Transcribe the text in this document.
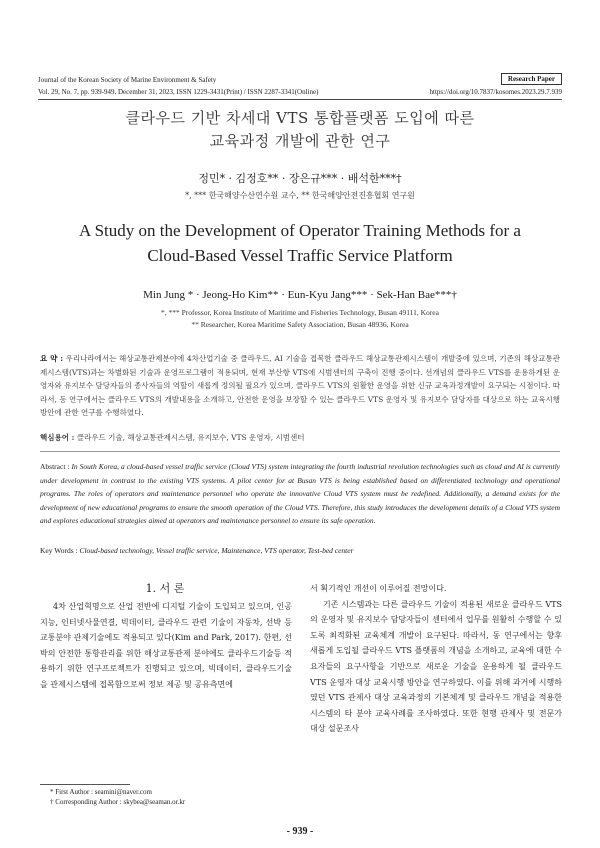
Journal of the Korean Society of Marine Environment & Safety
Vol. 29, No. 7, pp. 939-949, December 31, 2023, ISSN 1229-3431(Print) / ISSN 2287-3341(Online)
Research Paper
https://doi.org/10.7837/kosomes.2023.29.7.939
클라우드 기반 차세대 VTS 통합플랫폼 도입에 따른
교육과정 개발에 관한 연구
정민* · 김정호** · 장은규*** · 배석한***†
*, *** 한국해양수산연수원 교수, ** 한국해양안전진흥협회 연구원
A Study on the Development of Operator Training Methods for a
Cloud-Based Vessel Traffic Service Platform
Min Jung * · Jeong-Ho Kim** · Eun-Kyu Jang*** · Sek-Han Bae***†
*, *** Professor, Korea Institute of Maritime and Fisheries Technology, Busan 49111, Korea
** Researcher, Korea Maritime Safety Association, Busan 48936, Korea
요 약 : 우리나라에서는 해상교통관제분야에 4차산업기술 중 클라우드, AI 기술을 접목한 클라우드 해상교통관제시스템이 개발중에 있으며, 기존의 해상교통관제시스템(VTS)과는 차별화된 기술과 운영프로그램이 적용되며, 현재 부산항 VTS에 시범센터의 구축이 진행 중이다. 선개념의 클라우드 VTS를 운용하게된 운영자와 유지보수 담당자들의 종사자들의 역할이 새롭게 정의될 필요가 있으며, 클라우드 VTS의 원활한 운영을 위한 신규 교육과정개발이 요구되는 시점이다. 따라서, 동 연구에서는 클라우드 VTS의 개발내용을 소개하고, 안전한 운영을 보장할 수 있는 클라우드 VTS 운영자 및 유지보수 담당자를 대상으로 하는 교육시행 방안에 관한 연구를 수행하였다.
핵심용어 : 클라우드 기술, 해상교통관제시스템, 유지보수, VTS 운영자, 시범센터
Abstract : In South Korea, a cloud-based vessel traffic service (Cloud VTS) system integrating the fourth industrial revolution technologies such as cloud and AI is currently under development in contrast to the existing VTS systems. A pilot center for at Busan VTS is being established based on differentiated technology and operational programs. The roles of operators and maintenance personnel who operate the innovative Cloud VTS system must be redefined. Additionally, a demand exists for the development of new educational programs to ensure the smooth operation of the Cloud VTS. Therefore, this study introduces the development details of a Cloud VTS system and explores educational strategies aimed at operators and maintenance personnel to ensure its safe operation.
Key Words : Cloud-based technology, Vessel traffic service, Maintenance, VTS operator, Test-bed center
1. 서 론
4차 산업혁명으로 산업 전반에 디지털 기술이 도입되고 있으며, 인공지능, 인터넷사물연결, 빅데이터, 클라우드 관련 기술이 자동차, 선박 등 교통분야 관제기술에도 적용되고 있다(Kim and Park, 2017). 한편, 선박의 안전한 통항관리를 위한 해상교통관제 분야에도 클라우드기술등 적용하기 위한 연구프로젝트가 진행되고 있으며, 빅데이터, 클라우드기술을 관제시스템에 접목함으로써 정보 제공 및 공유측면에

서 획기적인 개선이 이루어질 전망이다.

기존 시스템과는 다른 클라우드 기술이 적용된 새로운 클라우드 VTS의 운영자 및 유지보수 담당자들이 센터에서 업무를 원활히 수행할 수 있도록 최적화된 교육체계 개발이 요구된다. 따라서, 동 연구에서는 향후 새롭게 도입될 클라우드 VTS 플랫폼의 개념을 소개하고, 교육에 대한 수요자들의 요구사항을 기반으로 새로운 기술을 운용하게 될 클라우드 VTS 운영자 대상 교육시행 방안을 연구하였다. 이를 위해 과거에 시행하였던 VTS 관제사 대상 교육과정의 기본체계 및 클라우드 개념을 적용한 시스템의 타 분야 교육사례를 조사하였다. 또한 현행 관제사 및 전문가 대상 설문조사

* First Author : seamini@naver.com
† Corresponding Author : skybea@seaman.or.kr
- 939 -
